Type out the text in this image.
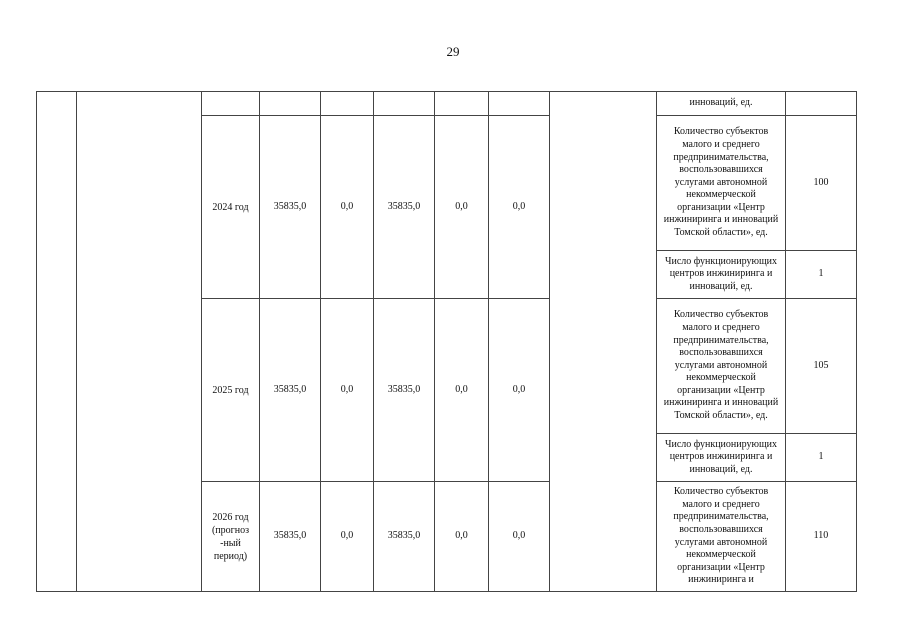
29
									инноваций, ед.	
		2024 год	35835,0	0,0	35835,0	0,0	0,0		Количество субъектов малого и среднего предпринимательства, воспользовавшихся услугами автономной некоммерческой организации «Центр инжиниринга и инноваций Томской области», ед.	100
									Число функционирующих центров инжиниринга и инноваций, ед.	1
		2025 год	35835,0	0,0	35835,0	0,0	0,0		Количество субъектов малого и среднего предпринимательства, воспользовавшихся услугами автономной некоммерческой организации «Центр инжиниринга и инноваций Томской области», ед.	105
									Число функционирующих центров инжиниринга и инноваций, ед.	1

		2026 год (прогноз-ный период)	35835,0	0,0	35835,0	0,0	0,0		Количество субъектов малого и среднего предпринимательства, воспользовавшихся услугами автономной некоммерческой организации «Центр инжиниринга и	110
